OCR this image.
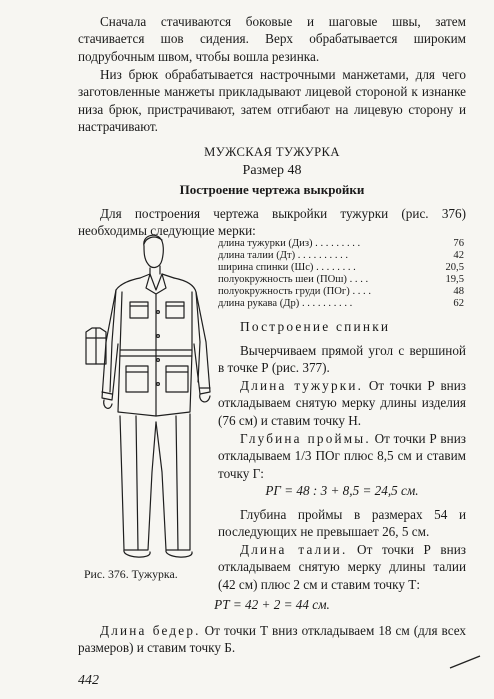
Сначала стачиваются боковые и шаговые швы, затем стачивается шов сидения. Верх обрабатывается широким подрубочным швом, чтобы вошла резинка.

Низ брюк обрабатывается настрочными манжетами, для чего заготовленные манжеты прикладывают лицевой стороной к изнанке низа брюк, пристрачивают, затем отгибают на лицевую сторону и настрачивают.

МУЖСКАЯ ТУЖУРКА
Размер 48
Построение чертежа выкройки

Для построения чертежа выкройки тужурки (рис. 376) необходимы следующие мерки:

длина тужурки (Диз) . . . . . . . . .	76
длина талии (Дт) . . . . . . . . . .	42
ширина спинки (Шс) . . . . . . . .	20,5
полуокружность шеи (ПОш) . . . .	19,5
полуокружность груди (ПОг) . . . .	48
длина рукава (Др) . . . . . . . . . .	62
Построение спинки

Вычерчиваем прямой угол с вершиной в точке Р (рис. 377).

Длина тужурки. От точки Р вниз откладываем снятую мерку длины изделия (76 см) и ставим точку Н.

Глубина проймы. От точки Р вниз откладываем 1/3 ПОг плюс 8,5 см и ставим точку Г:

РГ = 48 : 3 + 8,5 = 24,5 см.

Глубина проймы в размерах 54 и последующих не превышает 26, 5 см.

Длина талии. От точки Р вниз откладываем снятую мерку длины талии (42 см) плюс 2 см и ставим точку Т:

Рис. 376. Тужурка.
РТ = 42 + 2 = 44 см.

Длина бедер. От точки Т вниз откладываем 18 см (для всех размеров) и ставим точку Б.

442
